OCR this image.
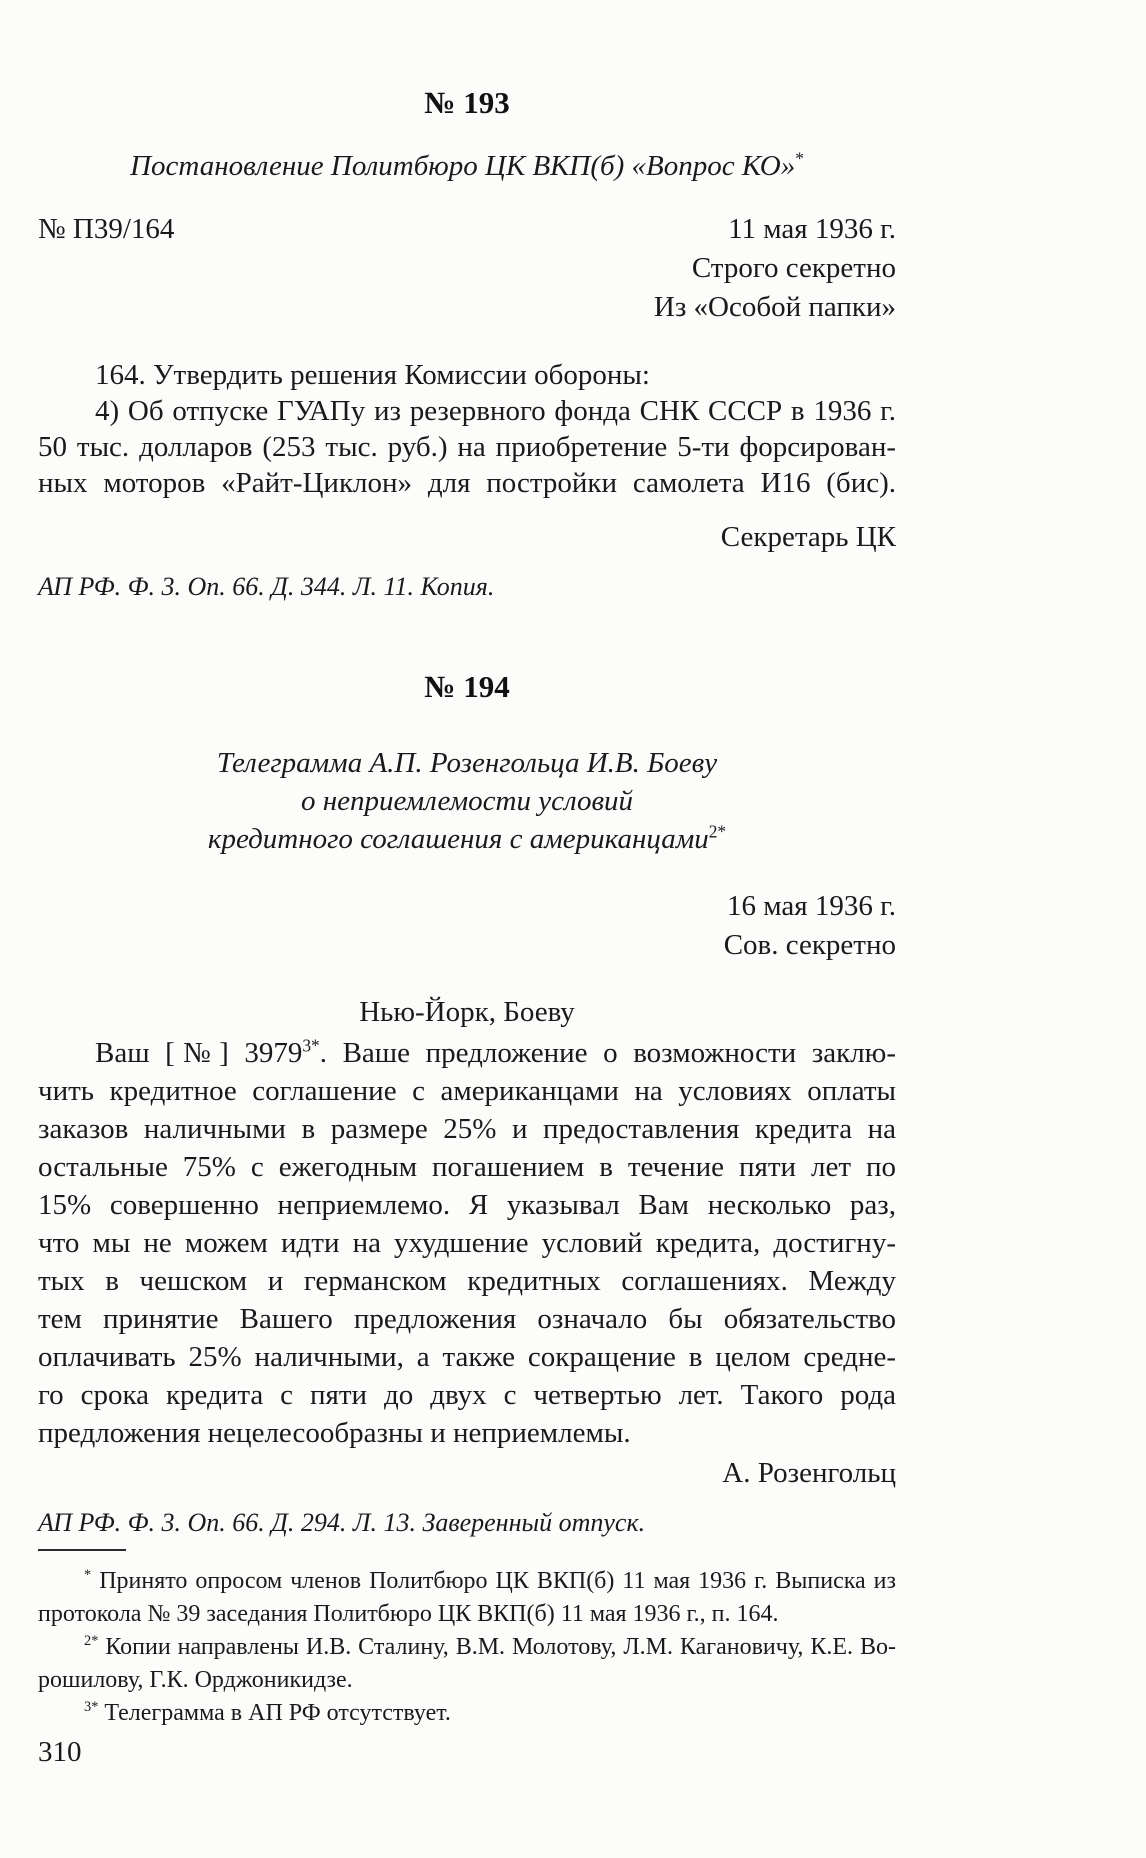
№ 193
Постановление Политбюро ЦК ВКП(б) «Вопрос КО»*
№ П39/164	11 мая 1936 г.
Строго секретно
Из «Особой папки»
164. Утвердить решения Комиссии обороны:
4) Об отпуске ГУАПу из резервного фонда СНК СССР в 1936 г.
50 тыс. долларов (253 тыс. руб.) на приобретение 5-ти форсирован-
ных моторов «Райт-Циклон» для постройки самолета И16 (бис).
Секретарь ЦК
АП РФ. Ф. 3. Оп. 66. Д. 344. Л. 11. Копия.
№ 194
Телеграмма А.П. Розенгольца И.В. Боеву
о неприемлемости условий
кредитного соглашения с американцами$^{2*}$
16 мая 1936 г.
Сов. секретно
Нью-Йорк, Боеву
Ваш [№] 3979$^{3*}$. Ваше предложение о возможности заклю-
чить кредитное соглашение с американцами на условиях оплаты
заказов наличными в размере 25% и предоставления кредита на
остальные 75% с ежегодным погашением в течение пяти лет по
15% совершенно неприемлемо. Я указывал Вам несколько раз,
что мы не можем идти на ухудшение условий кредита, достигну-
тых в чешском и германском кредитных соглашениях. Между
тем принятие Вашего предложения означало бы обязательство
оплачивать 25% наличными, а также сокращение в целом средне-
го срока кредита с пяти до двух с четвертью лет. Такого рода
предложения нецелесообразны и неприемлемы.
А. Розенгольц
АП РФ. Ф. 3. Оп. 66. Д. 294. Л. 13. Заверенный отпуск.
* Принято опросом членов Политбюро ЦК ВКП(б) 11 мая 1936 г. Выписка из
протокола № 39 заседания Политбюро ЦК ВКП(б) 11 мая 1936 г., п. 164.
$^{2*}$ Копии направлены И.В. Сталину, В.М. Молотову, Л.М. Кагановичу, К.Е. Во-
рошилову, Г.К. Орджоникидзе.
$^{3*}$ Телеграмма в АП РФ отсутствует.
310
